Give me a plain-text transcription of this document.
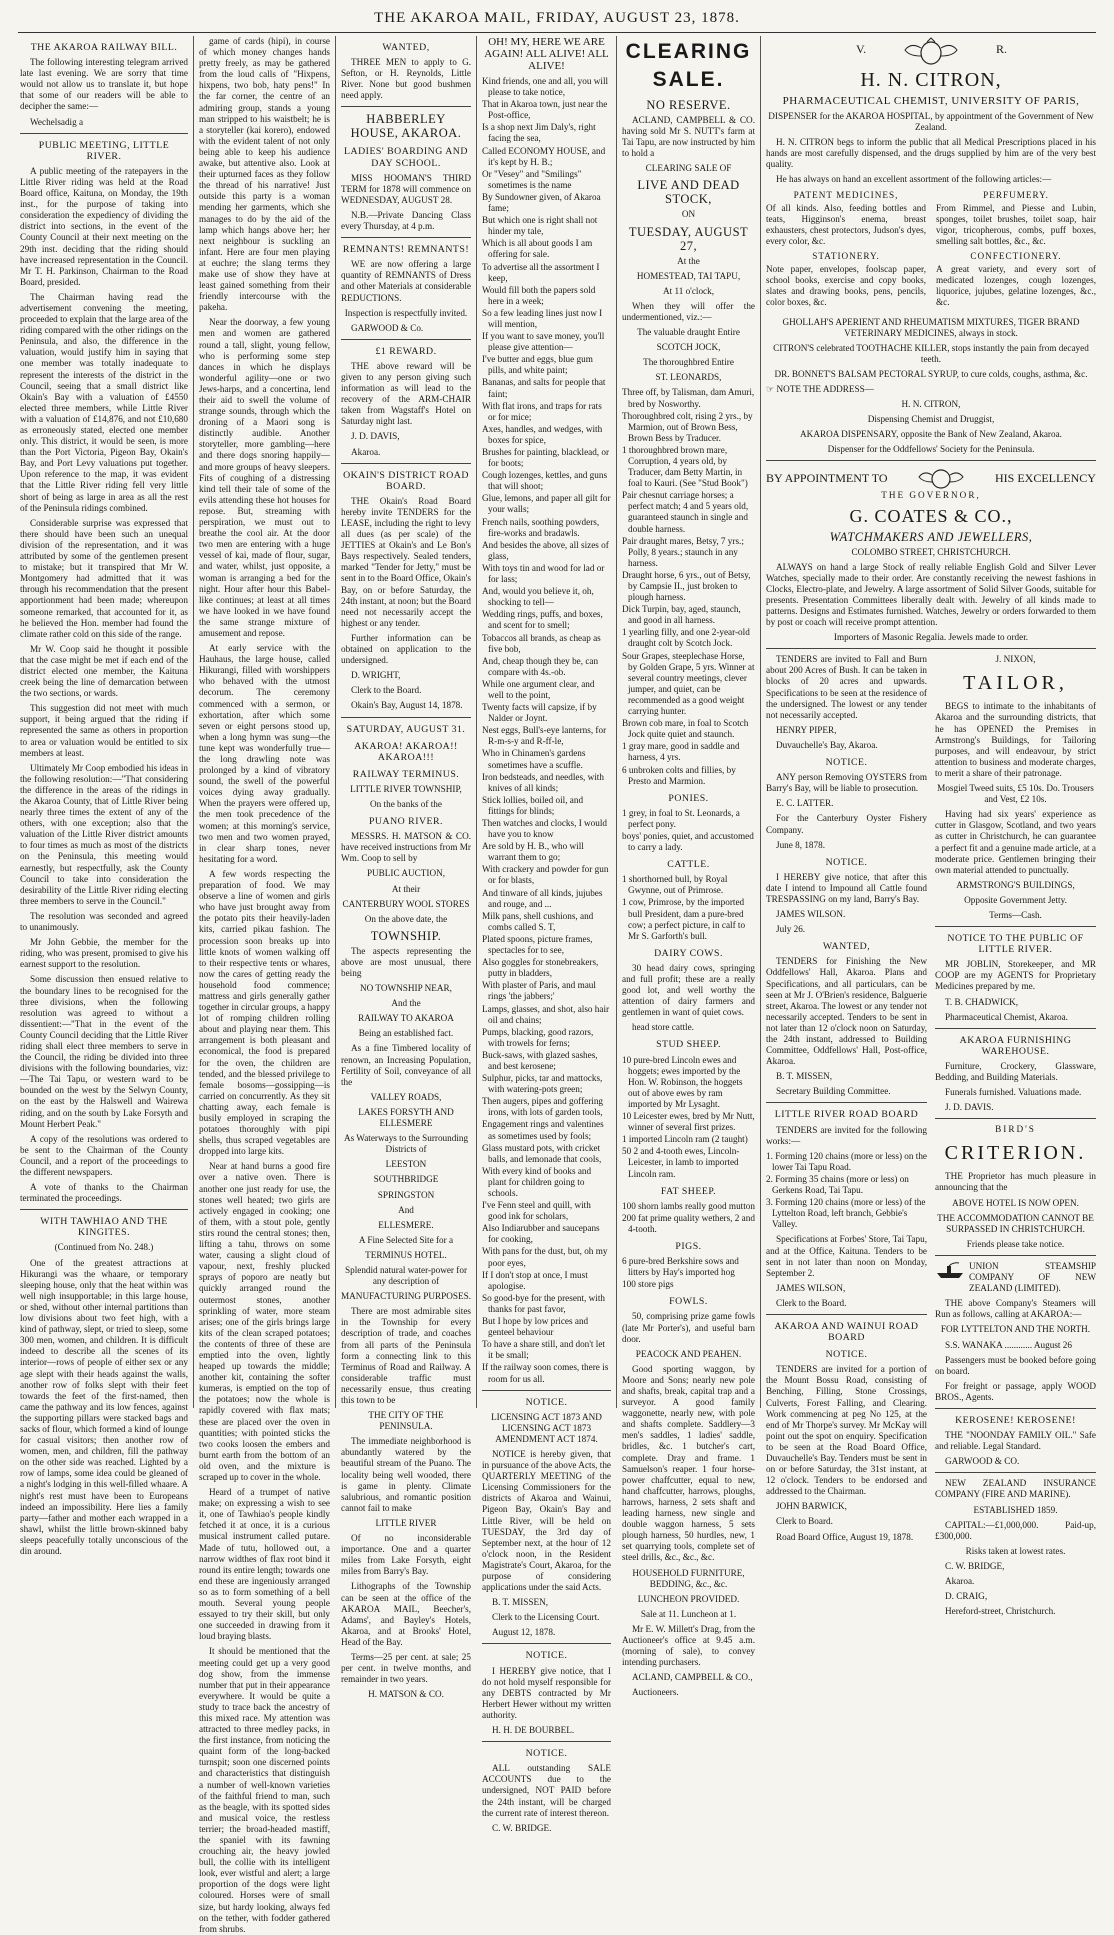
THE AKAROA MAIL, FRIDAY, AUGUST 23, 1878.
THE AKAROA RAILWAY BILL.

The following interesting telegram arrived late last evening. We are sorry that time would not allow us to translate it, but hope that some of our readers will be able to decipher the same:—

Wechelsadig a

PUBLIC MEETING, LITTLE RIVER.

A public meeting of the ratepayers in the Little River riding was held at the Road Board office, Kaituna, on Monday, the 19th inst., for the purpose of taking into consideration the expediency of dividing the district into sections, in the event of the County Council at their next meeting on the 29th inst. deciding that the riding should have increased representation in the Council. Mr T. H. Parkinson, Chairman to the Road Board, presided.

The Chairman having read the advertisement convening the meeting, proceeded to explain that the large area of the riding compared with the other ridings on the Peninsula, and also, the difference in the valuation, would justify him in saying that one member was totally inadequate to represent the interests of the district in the Council, seeing that a small district like Okain's Bay with a valuation of £4550 elected three members, while Little River with a valuation of £14,876, and not £10,680 as erroneously stated, elected one member only. This district, it would be seen, is more than the Port Victoria, Pigeon Bay, Okain's Bay, and Port Levy valuations put together. Upon reference to the map, it was evident that the Little River riding fell very little short of being as large in area as all the rest of the Peninsula ridings combined.

Considerable surprise was expressed that there should have been such an unequal division of the representation, and it was attributed by some of the gentlemen present to mistake; but it transpired that Mr W. Montgomery had admitted that it was through his recommendation that the present apportionment had been made; whereupon someone remarked, that accounted for it, as he believed the Hon. member had found the climate rather cold on this side of the range.

Mr W. Coop said he thought it possible that the case might be met if each end of the district elected one member, the Kaituna creek being the line of demarcation between the two sections, or wards.

This suggestion did not meet with much support, it being argued that the riding if represented the same as others in proportion to area or valuation would be entitled to six members at least.

Ultimately Mr Coop embodied his ideas in the following resolution:—"That considering the difference in the areas of the ridings in the Akaroa County, that of Little River being nearly three times the extent of any of the others, with one exception; also that the valuation of the Little River district amounts to four times as much as most of the districts on the Peninsula, this meeting would earnestly, but respectfully, ask the County Council to take into consideration the desirability of the Little River riding electing three members to serve in the Council."

The resolution was seconded and agreed to unanimously.

Mr John Gebbie, the member for the riding, who was present, promised to give his earnest support to the resolution.

Some discussion then ensued relative to the boundary lines to be recognised for the three divisions, when the following resolution was agreed to without a dissentient:—"That in the event of the County Council deciding that the Little River riding shall elect three members to serve in the Council, the riding be divided into three divisions with the following boundaries, viz:—The Tai Tapu, or western ward to be bounded on the west by the Selwyn County, on the east by the Halswell and Wairewa riding, and on the south by Lake Forsyth and Mount Herbert Peak."

A copy of the resolutions was ordered to be sent to the Chairman of the County Council, and a report of the proceedings to the different newspapers.

A vote of thanks to the Chairman terminated the proceedings.

WITH TAWHIAO AND THE KINGITES.

(Continued from No. 248.)

One of the greatest attractions at Hikurangi was the whaare, or temporary sleeping house, only that the heat within was well nigh insupportable; in this large house, or shed, without other internal partitions than low divisions about two feet high, with a kind of pathway, slept, or tried to sleep, some 300 men, women, and children. It is difficult indeed to describe all the scenes of its interior—rows of people of either sex or any age slept with their heads against the walls, another row of folks slept with their feet towards the feet of the first-named, then came the pathway and its low fences, against the supporting pillars were stacked bags and sacks of flour, which formed a kind of lounge for casual visitors; then another row of women, men, and children, fill the pathway on the other side was reached. Lighted by a row of lamps, some idea could be gleaned of a night's lodging in this well-filled whaare. A night's rest must have been to Europeans indeed an impossibility. Here lies a family party—father and mother each wrapped in a shawl, whilst the little brown-skinned baby sleeps peacefully totally unconscious of the din around.

game of cards (hipi), in course of which money changes hands pretty freely, as may be gathered from the loud calls of "Hixpens, hixpens, two bob, haty pens!" In the far corner, the centre of an admiring group, stands a young man stripped to his waistbelt; he is a storyteller (kai korero), endowed with the evident talent of not only being able to keep his audience awake, but attentive also. Look at their upturned faces as they follow the thread of his narrative! Just outside this party is a woman mending her garments, which she manages to do by the aid of the lamp which hangs above her; her next neighbour is suckling an infant. Here are four men playing at euchre; the slang terms they make use of show they have at least gained something from their friendly intercourse with the pakeha.

Near the doorway, a few young men and women are gathered round a tall, slight, young fellow, who is performing some step dances in which he displays wonderful agility—one or two Jews-harps, and a concertina, lend their aid to swell the volume of strange sounds, through which the droning of a Maori song is distinctly audible. Another storyteller, more gambling—here and there dogs snoring happily—and more groups of heavy sleepers. Fits of coughing of a distressing kind tell their tale of some of the evils attending these hot houses for repose. But, streaming with perspiration, we must out to breathe the cool air. At the door two men are entering with a huge vessel of kai, made of flour, sugar, and water, whilst, just opposite, a woman is arranging a bed for the night. Hour after hour this Babel-like continues; at least at all times we have looked in we have found the same strange mixture of amusement and repose.

At early service with the Hauhaus, the large house, called Hikurangi, filled with worshippers who behaved with the utmost decorum. The ceremony commenced with a sermon, or exhortation, after which some seven or eight persons stood up, when a long hymn was sung—the tune kept was wonderfully true—the long drawling note was prolonged by a kind of vibratory sound, the swell of the powerful voices dying away gradually. When the prayers were offered up, the men took precedence of the women; at this morning's service, two men and two women prayed, in clear sharp tones, never hesitating for a word.

A few words respecting the preparation of food. We may observe a line of women and girls who have just brought away from the potato pits their heavily-laden kits, carried pikau fashion. The procession soon breaks up into little knots of women walking off to their respective tents or whares, now the cares of getting ready the household food commence; mattress and girls generally gather together in circular groups, a happy lot of romping children rolling about and playing near them. This arrangement is both pleasant and economical, the food is prepared for the oven, the children are tended, and the blessed privilege to female bosoms—gossipping—is carried on concurrently. As they sit chatting away, each female is busily employed in scraping the potatoes thoroughly with pipi shells, thus scraped vegetables are dropped into large kits.

Near at hand burns a good fire over a native oven. There is another one just ready for use, the stones well heated; two girls are actively engaged in cooking; one of them, with a stout pole, gently stirs round the central stones; then, lifting a tahu, throws on some water, causing a slight cloud of vapour, next, freshly plucked sprays of poporo are neatly but quickly arranged round the outermost stones, another sprinkling of water, more steam arises; one of the girls brings large kits of the clean scraped potatoes; the contents of three of these are emptied into the oven, lightly heaped up towards the middle; another kit, containing the softer kumeras, is emptied on the top of the potatoes; now the whole is rapidly covered with flax mats; these are placed over the oven in quantities; with pointed sticks the two cooks loosen the embers and burnt earth from the bottom of an old oven, and the mixture is scraped up to cover in the whole.

Heard of a trumpet of native make; on expressing a wish to see it, one of Tawhiao's people kindly fetched it at once, it is a curious musical instrument called putare. Made of tutu, hollowed out, a narrow widthes of flax root bind it round its entire length; towards one end these are ingeniously arranged so as to form something of a bell mouth. Several young people essayed to try their skill, but only one succeeded in drawing from it loud braying blasts.

It should be mentioned that the meeting could get up a very good dog show, from the immense number that put in their appearance everywhere. It would be quite a study to trace back the ancestry of this mixed race. My attention was attracted to three medley packs, in the first instance, from noticing the quaint form of the long-backed turnspit; soon one discerned points and characteristics that distinguish a number of well-known varieties of the faithful friend to man, such as the beagle, with its spotted sides and musical voice, the restless terrier; the broad-headed mastiff, the spaniel with its fawning crouching air, the heavy jowled bull, the collie with its intelligent look, ever wistful and alert; a large proportion of the dogs were light coloured. Horses were of small size, but hardy looking, always fed on the tether, with fodder gathered from shrubs.

WANTED,

THREE MEN to apply to G. Sefton, or H. Reynolds, Little River. None but good bushmen need apply.

HABBERLEY HOUSE, AKAROA.
LADIES' BOARDING AND DAY SCHOOL.

MISS HOOMAN'S THIRD TERM for 1878 will commence on WEDNESDAY, AUGUST 28.

N.B.—Private Dancing Class every Thursday, at 4 p.m.

REMNANTS! REMNANTS!

WE are now offering a large quantity of REMNANTS of Dress and other Materials at considerable REDUCTIONS.

Inspection is respectfully invited.

GARWOOD & Co.

£1 REWARD.

THE above reward will be given to any person giving such information as will lead to the recovery of the ARM-CHAIR taken from Wagstaff's Hotel on Saturday night last.

J. D. DAVIS,

Akaroa.

OKAIN'S DISTRICT ROAD BOARD.

THE Okain's Road Board hereby invite TENDERS for the LEASE, including the right to levy all dues (as per scale) of the JETTIES at Okain's and Le Bon's Bays respectively. Sealed tenders, marked "Tender for Jetty," must be sent in to the Board Office, Okain's Bay, on or before Saturday, the 24th instant, at noon; but the Board need not necessarily accept the highest or any tender.

Further information can be obtained on application to the undersigned.

D. WRIGHT,

Clerk to the Board.

Okain's Bay, August 14, 1878.

SATURDAY, AUGUST 31.
AKAROA! AKAROA!! AKAROA!!!
RAILWAY TERMINUS.

LITTLE RIVER TOWNSHIP,

On the banks of the

PUANO RIVER.

MESSRS. H. MATSON & CO. have received instructions from Mr Wm. Coop to sell by

PUBLIC AUCTION,

At their

CANTERBURY WOOL STORES

On the above date, the

TOWNSHIP.

The aspects representing the above are most unusual, there being

NO TOWNSHIP NEAR,

And the

RAILWAY TO AKAROA

Being an established fact.

As a fine Timbered locality of renown, an Increasing Population, Fertility of Soil, conveyance of all the

VALLEY ROADS,

LAKES FORSYTH AND ELLESMERE

As Waterways to the Surrounding Districts of

LEESTON

SOUTHBRIDGE

SPRINGSTON

And

ELLESMERE.

A Fine Selected Site for a

TERMINUS HOTEL.

Splendid natural water-power for any description of

MANUFACTURING PURPOSES.

There are most admirable sites in the Township for every description of trade, and coaches from all parts of the Peninsula form a connecting link to this Terminus of Road and Railway. A considerable traffic must necessarily ensue, thus creating this town to be

THE CITY OF THE PENINSULA.

The immediate neighborhood is abundantly watered by the beautiful stream of the Puano. The locality being well wooded, there is game in plenty. Climate salubrious, and romantic position cannot fail to make

LITTLE RIVER

Of no inconsiderable importance. One and a quarter miles from Lake Forsyth, eight miles from Barry's Bay.

Lithographs of the Township can be seen at the office of the AKAROA MAIL, Beecher's, Adams', and Bayley's Hotels, Akaroa, and at Brooks' Hotel, Head of the Bay.

Terms—25 per cent. at sale; 25 per cent. in twelve months, and remainder in two years.

H. MATSON & CO.

OH! MY, HERE WE ARE AGAIN! ALL ALIVE! ALL ALIVE!

Kind friends, one and all, you will please to take notice,
That in Akaroa town, just near the Post-office,
Is a shop next Jim Daly's, right facing the sea,
Called ECONOMY HOUSE, and it's kept by H. B.;
Or "Vesey" and "Smilings" sometimes is the name
By Sundowner given, of Akaroa fame;
But which one is right shall not hinder my tale,
Which is all about goods I am offering for sale.
To advertise all the assortment I keep,
Would fill both the papers sold here in a week;
So a few leading lines just now I will mention,
If you want to save money, you'll please give attention—
I've butter and eggs, blue gum pills, and white paint;
Bananas, and salts for people that faint;
With flat irons, and traps for rats or for mice;
Axes, handles, and wedges, with boxes for spice,
Brushes for painting, blacklead, or for boots;
Cough lozenges, kettles, and guns that will shoot;
Glue, lemons, and paper all gilt for your walls;
French nails, soothing powders, fire-works and bradawls.
And besides the above, all sizes of glass,
With toys tin and wood for lad or for lass;
And, would you believe it, oh, shocking to tell—
Wedding rings, puffs, and boxes, and scent for to smell;
Tobaccos all brands, as cheap as five bob,
And, cheap though they be, can compare with 4s.-ob.
While one argument clear, and well to the point,
Twenty facts will capsize, if by Nalder or Joynt.
Nest eggs, Bull's-eye lanterns, for R-m-s-y and R-ff-le,
Who in Chinamen's gardens sometimes have a scuffle.
Iron bedsteads, and needles, with knives of all kinds;
Stick lollies, boiled oil, and fittings for blinds;
Then watches and clocks, I would have you to know
Are sold by H. B., who will warrant them to go;
With crackery and powder for gun or for blasts,
And tinware of all kinds, jujubes and rouge, and ...
Milk pans, shell cushions, and combs called S. T,
Plated spoons, picture frames, spectacles for to see,
Also goggles for stonebreakers, putty in bladders,
With plaster of Paris, and maul rings 'the jabbers;'
Lamps, glasses, and shot, also hair oil and chains;
Pumps, blacking, good razors, with trowels for ferns;
Buck-saws, with glazed sashes, and best kerosene;
Sulphur, picks, tar and mattocks, with watering-pots green;
Then augers, pipes and goffering irons, with lots of garden tools,
Engagement rings and valentines as sometimes used by fools;
Glass mustard pots, with cricket balls, and lemonade that cools,
With every kind of books and plant for children going to schools.
I've Fenn steel and quill, with good ink for scholars,
Also Indiarubber and saucepans for cooking,
With pans for the dust, but, oh my poor eyes,
If I don't stop at once, I must apologise.
So good-bye for the present, with thanks for past favor,
But I hope by low prices and genteel behaviour
To have a share still, and don't let it be small;
If the railway soon comes, there is room for us all.
NOTICE.

LICENSING ACT 1873 AND LICENSING ACT 1873 AMENDMENT ACT 1874.

NOTICE is hereby given, that in pursuance of the above Acts, the QUARTERLY MEETING of the Licensing Commissioners for the districts of Akaroa and Wainui, Pigeon Bay, Okain's Bay and Little River, will be held on TUESDAY, the 3rd day of September next, at the hour of 12 o'clock noon, in the Resident Magistrate's Court, Akaroa, for the purpose of considering applications under the said Acts.

B. T. MISSEN,

Clerk to the Licensing Court.

August 12, 1878.

NOTICE.

I HEREBY give notice, that I do not hold myself responsible for any DEBTS contracted by Mr Herbert Hewer without my written authority.

H. H. DE BOURBEL.

NOTICE.

ALL outstanding SALE ACCOUNTS due to the undersigned, NOT PAID before the 24th instant, will be charged the current rate of interest thereon.

C. W. BRIDGE.

CLEARING SALE.
NO RESERVE.

ACLAND, CAMPBELL & CO. having sold Mr S. NUTT's farm at Tai Tapu, are now instructed by him to hold a

CLEARING SALE OF

LIVE AND DEAD STOCK,

ON

TUESDAY, AUGUST 27,

At the

HOMESTEAD, TAI TAPU,

At 11 o'clock,

When they will offer the undermentioned, viz.:—

The valuable draught Entire

SCOTCH JOCK,

The thoroughbred Entire

ST. LEONARDS,

Three off, by Talisman, dam Amuri, bred by Nosworthy.
Thoroughbred colt, rising 2 yrs., by Marmion, out of Brown Bess, Brown Bess by Traducer.
1 thoroughbred brown mare, Corruption, 4 years old, by Traducer, dam Betty Martin, in foal to Kauri. (See "Stud Book")
Pair chesnut carriage horses; a perfect match; 4 and 5 years old, guaranteed staunch in single and double harness.
Pair draught mares, Betsy, 7 yrs.; Polly, 8 years.; staunch in any harness.
Draught horse, 6 yrs., out of Betsy, by Campsie II., just broken to plough harness.
Dick Turpin, bay, aged, staunch, and good in all harness.
1 yearling filly, and one 2-year-old draught colt by Scotch Jock.
Sour Grapes, steeplechase Horse, by Golden Grape, 5 yrs. Winner at several country meetings, clever jumper, and quiet, can be recommended as a good weight carrying hunter.
Brown cob mare, in foal to Scotch Jock quite quiet and staunch.
1 gray mare, good in saddle and harness, 4 yrs.
6 unbroken colts and fillies, by Presto and Marmion.
PONIES.
1 grey, in foal to St. Leonards, a perfect pony.
boys' ponies, quiet, and accustomed to carry a lady.
CATTLE.
1 shorthorned bull, by Royal Gwynne, out of Primrose.
1 cow, Primrose, by the imported bull President, dam a pure-bred cow; a perfect picture, in calf to Mr S. Garforth's bull.
DAIRY COWS.

30 head dairy cows, springing and full profit; these are a really good lot, and well worthy the attention of dairy farmers and gentlemen in want of quiet cows.

head store cattle.

STUD SHEEP.
10 pure-bred Lincoln ewes and hoggets; ewes imported by the Hon. W. Robinson, the hoggets out of above ewes by ram imported by Mr Lysaght.
10 Leicester ewes, bred by Mr Nutt, winner of several first prizes.
1 imported Lincoln ram (2 taught)
50 2 and 4-tooth ewes, Lincoln-Leicester, in lamb to imported Lincoln ram.
FAT SHEEP.
100 shorn lambs really good mutton
200 fat prime quality wethers, 2 and 4-tooth.
PIGS.
6 pure-bred Berkshire sows and litters by Hay's imported hog
100 store pigs
FOWLS.

50, comprising prize game fowls (late Mr Porter's), and useful barn door.

PEACOCK AND PEAHEN.

Good sporting waggon, by Moore and Sons; nearly new pole and shafts, break, capital trap and a surveyor. A good family waggonette, nearly new, with pole and shafts complete. Saddlery—3 men's saddles, 1 ladies' saddle, bridles, &c. 1 butcher's cart, complete. Dray and frame. 1 Samuelson's reaper. 1 four horse-power chaffcutter, equal to new, hand chaffcutter, harrows, ploughs, harrows, harness, 2 sets shaft and leading harness, new single and double waggon harness, 5 sets plough harness, 50 hurdles, new, 1 set quarrying tools, complete set of steel drills, &c., &c., &c.

HOUSEHOLD FURNITURE, BEDDING, &c., &c.

LUNCHEON PROVIDED.

Sale at 11. Luncheon at 1.

Mr E. W. Millett's Drag, from the Auctioneer's office at 9.45 a.m. (morning of sale), to convey intending purchasers.

ACLAND, CAMPBELL & CO.,

Auctioneers.

V.	R.
H. N. CITRON,
PHARMACEUTICAL CHEMIST, UNIVERSITY OF PARIS,

DISPENSER for the AKAROA HOSPITAL, by appointment of the Government of New Zealand.

H. N. CITRON begs to inform the public that all Medical Prescriptions placed in his hands are most carefully dispensed, and the drugs supplied by him are of the very best quality.

He has always on hand an excellent assortment of the following articles:—

PATENT MEDICINES,

Of all kinds. Also, feeding bottles and teats, Higginson's enema, breast exhausters, chest protectors, Judson's dyes, every color, &c.

PERFUMERY.

From Rimmel, and Piesse and Lubin, sponges, toilet brushes, toilet soap, hair vigor, tricopherous, combs, puff boxes, smelling salt bottles, &c., &c.

STATIONERY.

Note paper, envelopes, foolscap paper, school books, exercise and copy books, slates and drawing books, pens, pencils, color boxes, &c.

CONFECTIONERY.

A great variety, and every sort of medicated lozenges, cough lozenges, liquorice, jujubes, gelatine lozenges, &c., &c.

GHOLLAH'S APERIENT AND RHEUMATISM MIXTURES, TIGER BRAND VETERINARY MEDICINES, always in stock.

CITRON'S celebrated TOOTHACHE KILLER, stops instantly the pain from decayed teeth.

DR. BONNET'S BALSAM PECTORAL SYRUP, to cure colds, coughs, asthma, &c.

☞ NOTE THE ADDRESS—

H. N. CITRON,

Dispensing Chemist and Druggist,

AKAROA DISPENSARY, opposite the Bank of New Zealand, Akaroa.

Dispenser for the Oddfellows' Society for the Peninsula.

BY APPOINTMENT TO	HIS EXCELLENCY

THE GOVERNOR,

G. COATES & CO.,
WATCHMAKERS AND JEWELLERS,

COLOMBO STREET, CHRISTCHURCH.

ALWAYS on hand a large Stock of really reliable English Gold and Silver Lever Watches, specially made to their order. Are constantly receiving the newest fashions in Clocks, Electro-plate, and Jewelry. A large assortment of Solid Silver Goods, suitable for presents. Presentation Committees liberally dealt with. Jewelry of all kinds made to patterns. Designs and Estimates furnished. Watches, Jewelry or orders forwarded to them by post or coach will receive prompt attention.

Importers of Masonic Regalia. Jewels made to order.

TENDERS are invited to Fall and Burn about 200 Acres of Bush. It can be taken in blocks of 20 acres and upwards. Specifications to be seen at the residence of the undersigned. The lowest or any tender not necessarily accepted.

HENRY PIPER,

Duvauchelle's Bay, Akaroa.

NOTICE.

ANY person Removing OYSTERS from Barry's Bay, will be liable to prosecution.

E. C. LATTER.

For the Canterbury Oyster Fishery Company.

June 8, 1878.

NOTICE.

I HEREBY give notice, that after this date I intend to Impound all Cattle found TRESPASSING on my land, Barry's Bay.

JAMES WILSON.

July 26.

WANTED,

TENDERS for Finishing the New Oddfellows' Hall, Akaroa. Plans and Specifications, and all particulars, can be seen at Mr J. O'Brien's residence, Balguerie street, Akaroa. The lowest or any tender not necessarily accepted. Tenders to be sent in not later than 12 o'clock noon on Saturday, the 24th instant, addressed to Building Committee, Oddfellows' Hall, Post-office, Akaroa.

B. T. MISSEN,

Secretary Building Committee.

LITTLE RIVER ROAD BOARD

TENDERS are invited for the following works:—

1. Forming 120 chains (more or less) on the lower Tai Tapu Road.
2. Forming 35 chains (more or less) on Gerkens Road, Tai Tapu.
3. Forming 120 chains (more or less) of the Lyttelton Road, left branch, Gebbie's Valley.

Specifications at Forbes' Store, Tai Tapu, and at the Office, Kaituna. Tenders to be sent in not later than noon on Monday, September 2.

JAMES WILSON,

Clerk to the Board.

AKAROA AND WAINUI ROAD BOARD
NOTICE.

TENDERS are invited for a portion of the Mount Bossu Road, consisting of Benching, Filling, Stone Crossings, Culverts, Forest Falling, and Clearing. Work commencing at peg No 125, at the end of Mr Thorpe's survey. Mr McKay will point out the spot on enquiry. Specification to be seen at the Road Board Office, Duvauchelle's Bay. Tenders must be sent in on or before Saturday, the 31st instant, at 12 o'clock. Tenders to be endorsed and addressed to the Chairman.

JOHN BARWICK,

Clerk to Board.

Road Board Office, August 19, 1878.

J. NIXON,

TAILOR,

BEGS to intimate to the inhabitants of Akaroa and the surrounding districts, that he has OPENED the Premises in Armstrong's Buildings, for Tailoring purposes, and will endeavour, by strict attention to business and moderate charges, to merit a share of their patronage.

Mosgiel Tweed suits, £5 10s. Do. Trousers and Vest, £2 10s.

Having had six years' experience as cutter in Glasgow, Scotland, and two years as cutter in Christchurch, he can guarantee a perfect fit and a genuine made article, at a moderate price. Gentlemen bringing their own material attended to punctually.

ARMSTRONG'S BUILDINGS,

Opposite Government Jetty.

Terms—Cash.

NOTICE TO THE PUBLIC OF LITTLE RIVER.

MR JOBLIN, Storekeeper, and MR COOP are my AGENTS for Proprietary Medicines prepared by me.

T. B. CHADWICK,

Pharmaceutical Chemist, Akaroa.

AKAROA FURNISHING WAREHOUSE.

Furniture, Crockery, Glassware, Bedding, and Building Materials.

Funerals furnished. Valuations made.

J. D. DAVIS.

BIRD'S

CRITERION.

THE Proprietor has much pleasure in announcing that the

ABOVE HOTEL IS NOW OPEN.

THE ACCOMMODATION CANNOT BE SURPASSED IN CHRISTCHURCH.

Friends please take notice.

UNION STEAMSHIP COMPANY OF NEW ZEALAND (LIMITED).

THE above Company's Steamers will Run as follows, calling at AKAROA:—

FOR LYTTELTON AND THE NORTH.

S.S. WANAKA ............ August 26

Passengers must be booked before going on board.

For freight or passage, apply WOOD BROS., Agents.

KEROSENE! KEROSENE!

THE "NOONDAY FAMILY OIL." Safe and reliable. Legal Standard.

GARWOOD & CO.

NEW ZEALAND INSURANCE COMPANY (FIRE AND MARINE).

ESTABLISHED 1859.

CAPITAL:—£1,000,000. Paid-up, £300,000.

Risks taken at lowest rates.

C. W. BRIDGE,

Akaroa.

D. CRAIG,

Hereford-street, Christchurch.
